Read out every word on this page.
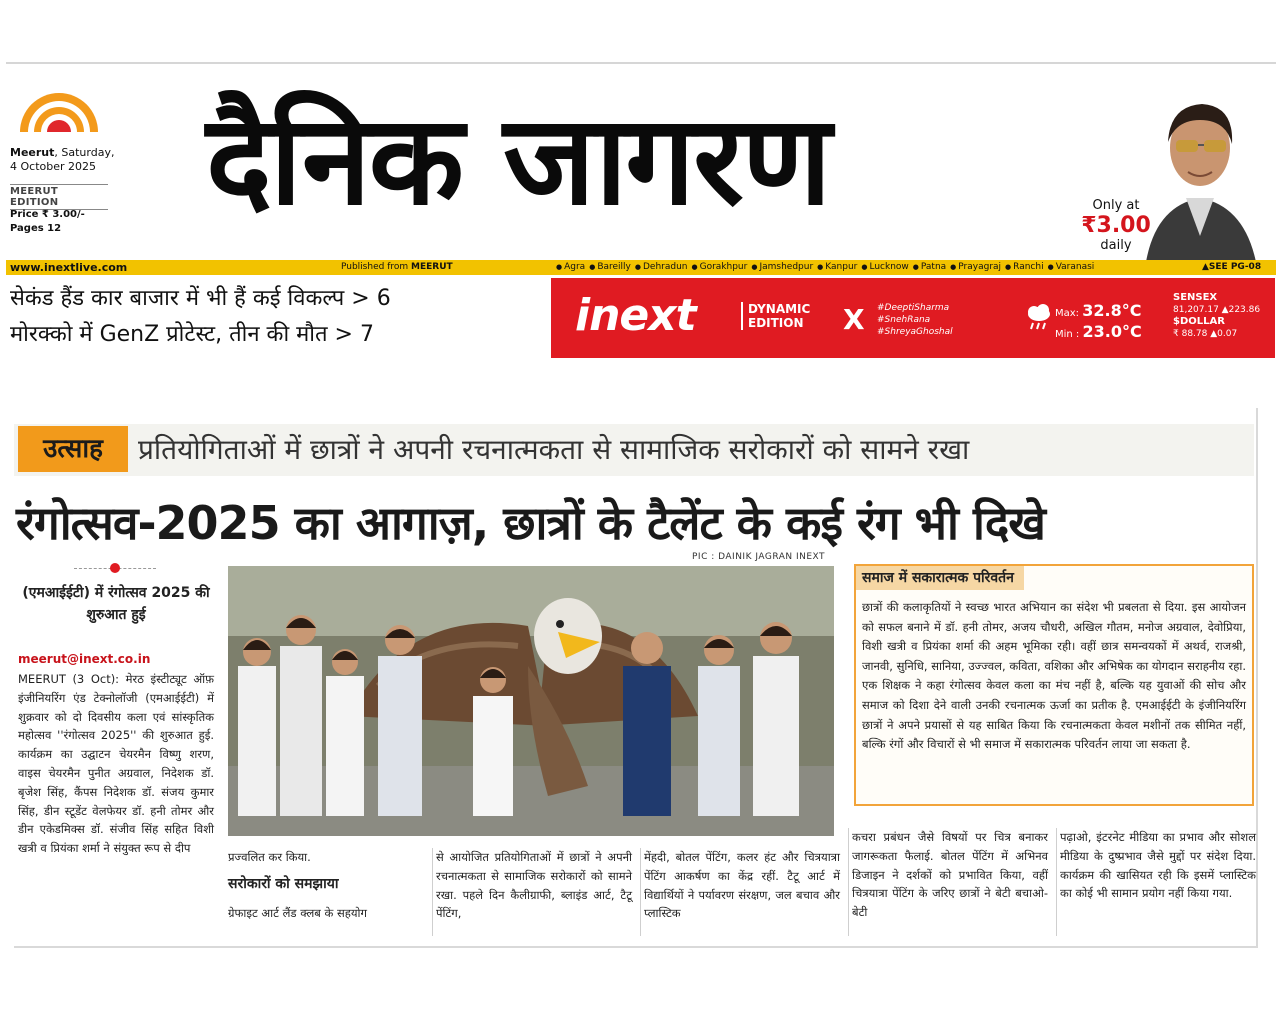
Meerut, Saturday,
4 October 2025
MEERUT EDITION
Price ₹ 3.00/-
Pages 12 दैनिक जागरण	Only at
₹3.00
daily
www.inextlive.com	Published from MEERUT	● Agra ● Bareilly ● Dehradun ● Gorakhpur ● Jamshedpur ● Kanpur ● Lucknow ● Patna ● Prayagraj ● Ranchi ● Varanasi	▲SEE PG-08
सेकंड हैंड कार बाजार में भी हैं कई विकल्प > 6
मोरक्को में GenZ प्रोटेस्ट, तीन की मौत > 7	inext	DYNAMIC
EDITION X #DeeptiSharma
#SnehRana
#ShreyaGhoshal
Max: 32.8°C
Min : 23.0°C
SENSEX
81,207.17 ▲223.86
$DOLLAR
₹ 88.78 ▲0.07
उत्साह	प्रतियोगिताओं में छात्रों ने अपनी रचनात्मकता से सामाजिक सरोकारों को सामने रखा
रंगोत्सव-2025 का आगाज़, छात्रों के टैलेंट के कई रंग भी दिखे
PIC : DAINIK JAGRAN INEXT
(एमआईईटी) में रंगोत्सव 2025 की शुरुआत हुई
meerut@inext.co.in
MEERUT (3 Oct): मेरठ इंस्टीट्यूट ऑफ़ इंजीनियरिंग एंड टेक्नोलॉजी (एमआईईटी) में शुक्रवार को दो दिवसीय कला एवं सांस्कृतिक महोत्सव ''रंगोत्सव 2025'' की शुरुआत हुई. कार्यक्रम का उद्घाटन चेयरमैन विष्णु शरण, वाइस चेयरमैन पुनीत अग्रवाल, निदेशक डॉ. बृजेश सिंह, कैंपस निदेशक डॉ. संजय कुमार सिंह, डीन स्टूडेंट वेलफेयर डॉ. हनी तोमर और डीन एकेडमिक्स डॉ. संजीव सिंह सहित विशी खत्री व प्रियंका शर्मा ने संयुक्त रूप से दीप
समाज में सकारात्मक परिवर्तन
छात्रों की कलाकृतियों ने स्वच्छ भारत अभियान का संदेश भी प्रबलता से दिया. इस आयोजन को सफल बनाने में डॉ. हनी तोमर, अजय चौधरी, अखिल गौतम, मनोज अग्रवाल, देवोप्रिया, विशी खत्री व प्रियंका शर्मा की अहम भूमिका रही। वहीं छात्र समन्वयकों में अथर्व, राजश्री, जानवी, सुनिधि, सानिया, उज्ज्वल, कविता, वशिका और अभिषेक का योगदान सराहनीय रहा. एक शिक्षक ने कहा रंगोत्सव केवल कला का मंच नहीं है, बल्कि यह युवाओं की सोच और समाज को दिशा देने वाली उनकी रचनात्मक ऊर्जा का प्रतीक है. एमआईईटी के इंजीनियरिंग छात्रों ने अपने प्रयासों से यह साबित किया कि रचनात्मकता केवल मशीनों तक सीमित नहीं, बल्कि रंगों और विचारों से भी समाज में सकारात्मक परिवर्तन लाया जा सकता है.
प्रज्वलित कर किया.
सरोकारों को समझाया
ग्रेफाइट आर्ट लैंड क्लब के सहयोग
से आयोजित प्रतियोगिताओं में छात्रों ने अपनी रचनात्मकता से सामाजिक सरोकारों को सामने रखा. पहले दिन कैलीग्राफी, ब्लाइंड आर्ट, टैटू पेंटिंग,
मेंहदी, बोतल पेंटिंग, कलर हंट और चित्रयात्रा पेंटिंग आकर्षण का केंद्र रहीं. टैटू आर्ट में विद्यार्थियों ने पर्यावरण संरक्षण, जल बचाव और प्लास्टिक
कचरा प्रबंधन जैसे विषयों पर चित्र बनाकर जागरूकता फैलाई. बोतल पेंटिंग में अभिनव डिजाइन ने दर्शकों को प्रभावित किया, वहीं चित्रयात्रा पेंटिंग के जरिए छात्रों ने बेटी बचाओ-बेटी
पढ़ाओ, इंटरनेट मीडिया का प्रभाव और सोशल मीडिया के दुष्प्रभाव जैसे मुद्दों पर संदेश दिया. कार्यक्रम की खासियत रही कि इसमें प्लास्टिक का कोई भी सामान प्रयोग नहीं किया गया.
